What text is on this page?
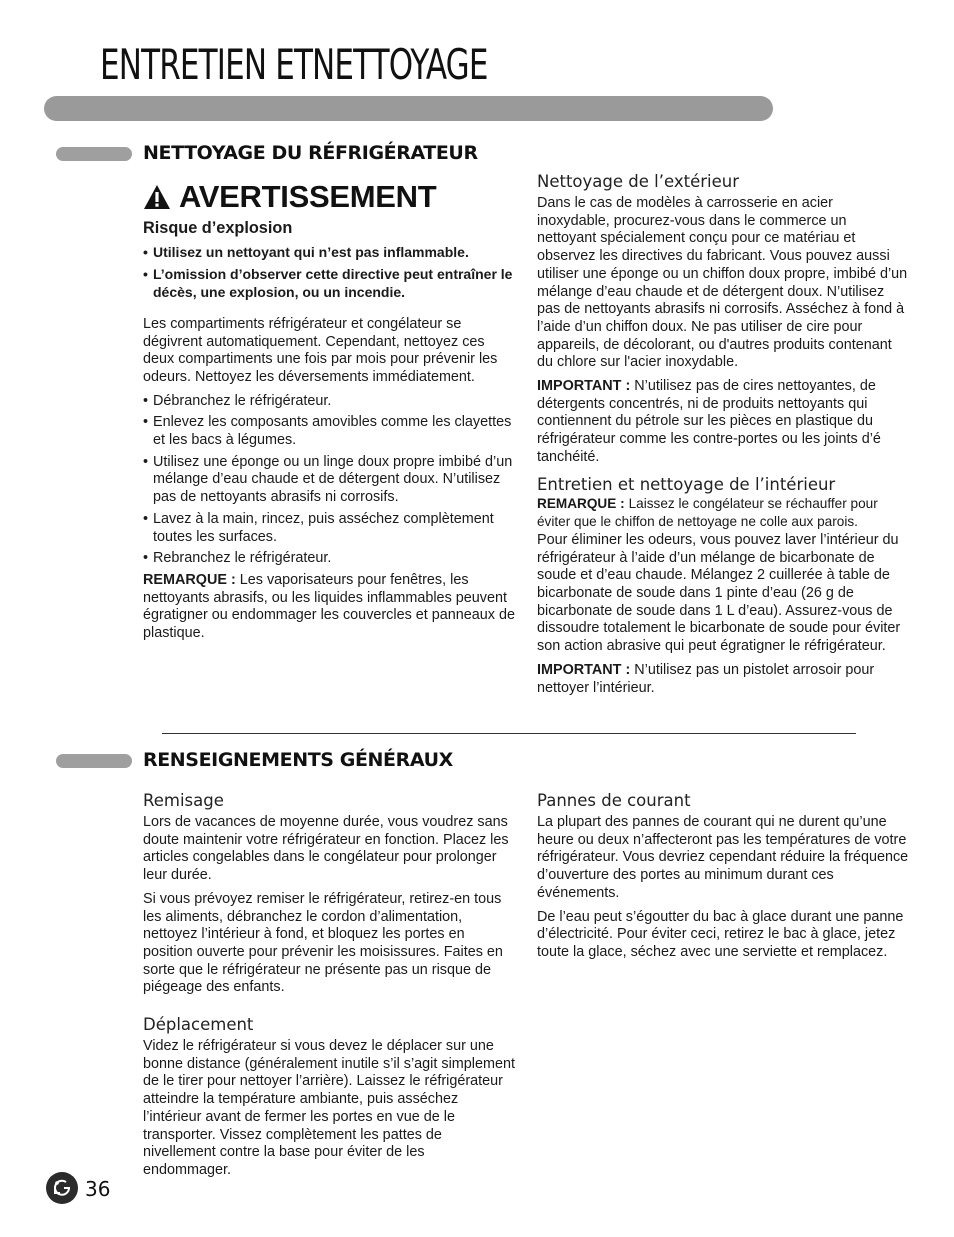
ENTRETIEN ETNETTOYAGE
NETTOYAGE DU RÉFRIGÉRATEUR
AVERTISSEMENT

Risque d’explosion

• Utilisez un nettoyant qui n’est pas inflammable.
• L’omission d’observer cette directive peut entraîner le décès, une explosion, ou un incendie.

Les compartiments réfrigérateur et congélateur se dégivrent automatiquement. Cependant, nettoyez ces deux compartiments une fois par mois pour prévenir les odeurs. Nettoyez les déversements immédiatement.

• Débranchez le réfrigérateur.
• Enlevez les composants amovibles comme les clayettes et les bacs à légumes.
• Utilisez une éponge ou un linge doux propre imbibé d’un mélange d’eau chaude et de détergent doux. N’utilisez pas de nettoyants abrasifs ni corrosifs.
• Lavez à la main, rincez, puis asséchez complètement toutes les surfaces.
• Rebranchez le réfrigérateur.

REMARQUE : Les vaporisateurs pour fenêtres, les nettoyants abrasifs, ou les liquides inflammables peuvent égratigner ou endommager les couvercles et panneaux de plastique.

Nettoyage de l’extérieur

Dans le cas de modèles à carrosserie en acier inoxydable, procurez-vous dans le commerce un nettoyant spécialement conçu pour ce matériau et observez les directives du fabricant. Vous pouvez aussi utiliser une éponge ou un chiffon doux propre, imbibé d’un mélange d’eau chaude et de détergent doux. N’utilisez pas de nettoyants abrasifs ni corrosifs. Asséchez à fond à l’aide d’un chiffon doux. Ne pas utiliser de cire pour appareils, de décolorant, ou d'autres produits contenant du chlore sur l'acier inoxydable.

IMPORTANT : N’utilisez pas de cires nettoyantes, de détergents concentrés, ni de produits nettoyants qui contiennent du pétrole sur les pièces en plastique du réfrigérateur comme les contre-portes ou les joints d’é tanchéité.

Entretien et nettoyage de l’intérieur

REMARQUE : Laissez le congélateur se réchauffer pour éviter que le chiffon de nettoyage ne colle aux parois.

Pour éliminer les odeurs, vous pouvez laver l’intérieur du réfrigérateur à l’aide d’un mélange de bicarbonate de soude et d’eau chaude. Mélangez 2 cuillerée à table de bicarbonate de soude dans 1 pinte d’eau (26 g de bicarbonate de soude dans 1 L d’eau). Assurez-vous de dissoudre totalement le bicarbonate de soude pour éviter son action abrasive qui peut égratigner le réfrigérateur.

IMPORTANT : N’utilisez pas un pistolet arrosoir pour nettoyer l’intérieur.

RENSEIGNEMENTS GÉNÉRAUX

Remisage

Lors de vacances de moyenne durée, vous voudrez sans doute maintenir votre réfrigérateur en fonction. Placez les articles congelables dans le congélateur pour prolonger leur durée.

Si vous prévoyez remiser le réfrigérateur, retirez-en tous les aliments, débranchez le cordon d’alimentation, nettoyez l’intérieur à fond, et bloquez les portes en position ouverte pour prévenir les moisissures. Faites en sorte que le réfrigérateur ne présente pas un risque de piégeage des enfants.

Déplacement

Videz le réfrigérateur si vous devez le déplacer sur une bonne distance (généralement inutile s’il s’agit simplement de le tirer pour nettoyer l’arrière). Laissez le réfrigérateur atteindre la température ambiante, puis asséchez l’intérieur avant de fermer les portes en vue de le transporter. Vissez complètement les pattes de nivellement contre la base pour éviter de les endommager.

Pannes de courant

La plupart des pannes de courant qui ne durent qu’une heure ou deux n’affecteront pas les températures de votre réfrigérateur. Vous devriez cependant réduire la fréquence d’ouverture des portes au minimum durant ces événements.

De l’eau peut s’égoutter du bac à glace durant une panne d’électricité. Pour éviter ceci, retirez le bac à glace, jetez toute la glace, séchez avec une serviette et remplacez.

36
